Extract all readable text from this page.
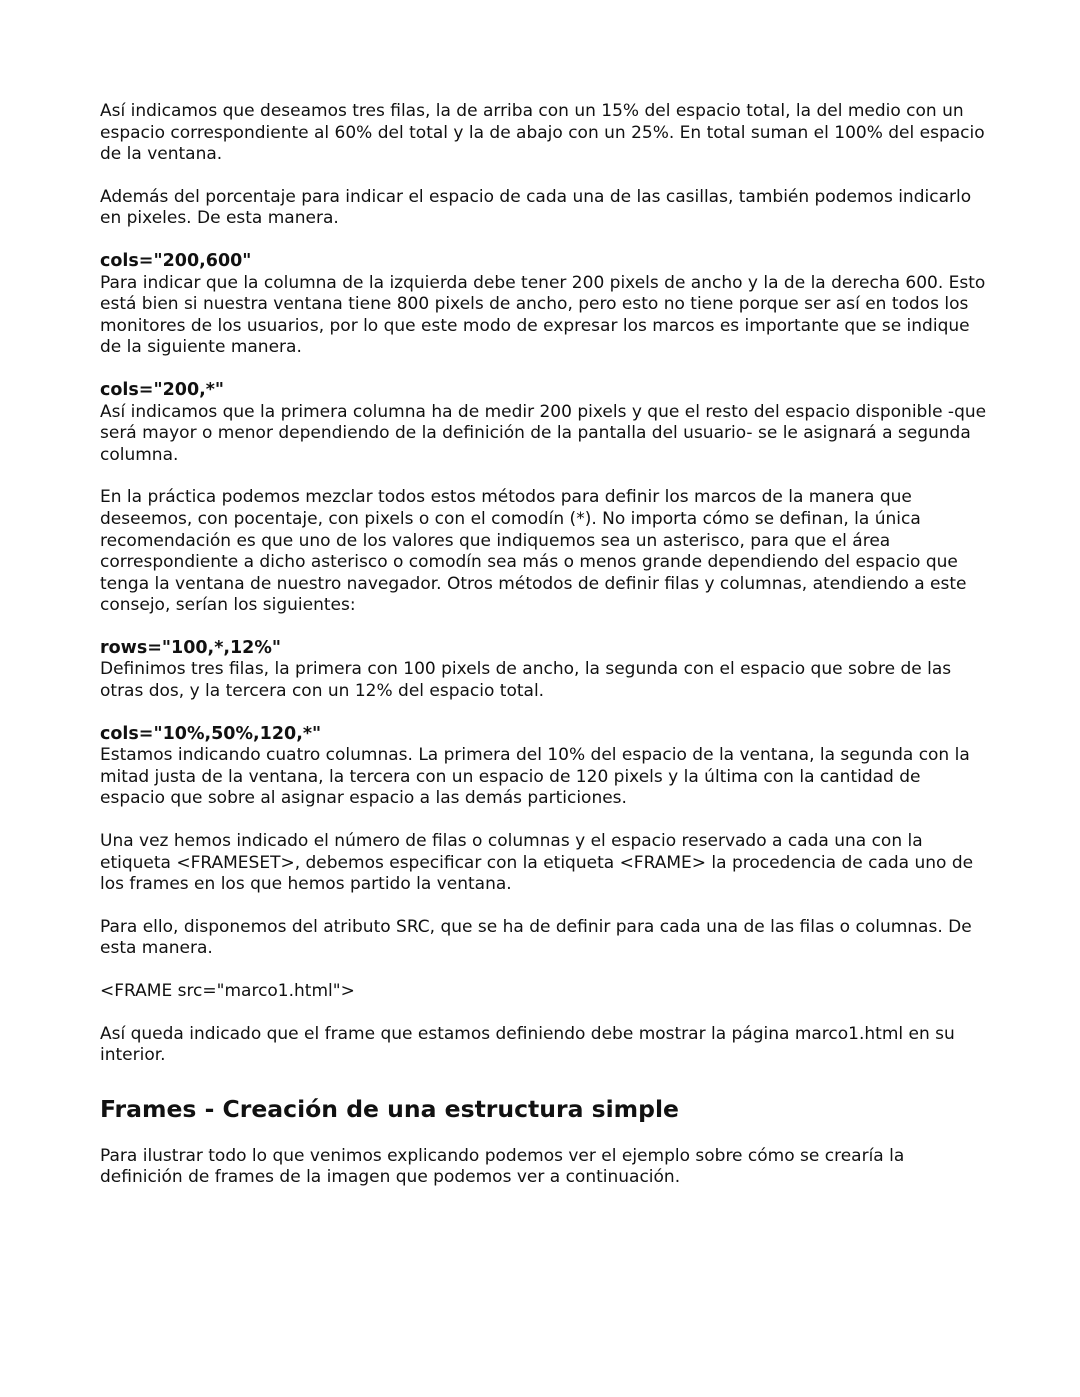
Así indicamos que deseamos tres filas, la de arriba con un 15% del espacio total, la del medio con un espacio correspondiente al 60% del total y la de abajo con un 25%. En total suman el 100% del espacio de la ventana.

Además del porcentaje para indicar el espacio de cada una de las casillas, también podemos indicarlo en pixeles. De esta manera.

cols="200,600"

Para indicar que la columna de la izquierda debe tener 200 pixels de ancho y la de la derecha 600. Esto está bien si nuestra ventana tiene 800 pixels de ancho, pero esto no tiene porque ser así en todos los monitores de los usuarios, por lo que este modo de expresar los marcos es importante que se indique de la siguiente manera.

cols="200,*"

Así indicamos que la primera columna ha de medir 200 pixels y que el resto del espacio disponible -que será mayor o menor dependiendo de la definición de la pantalla del usuario- se le asignará a segunda columna.

En la práctica podemos mezclar todos estos métodos para definir los marcos de la manera que deseemos, con pocentaje, con pixels o con el comodín (*). No importa cómo se definan, la única recomendación es que uno de los valores que indiquemos sea un asterisco, para que el área correspondiente a dicho asterisco o comodín sea más o menos grande dependiendo del espacio que tenga la ventana de nuestro navegador. Otros métodos de definir filas y columnas, atendiendo a este consejo, serían los siguientes:

rows="100,*,12%"

Definimos tres filas, la primera con 100 pixels de ancho, la segunda con el espacio que sobre de las otras dos, y la tercera con un 12% del espacio total.

cols="10%,50%,120,*"

Estamos indicando cuatro columnas. La primera del 10% del espacio de la ventana, la segunda con la mitad justa de la ventana, la tercera con un espacio de 120 pixels y la última con la cantidad de espacio que sobre al asignar espacio a las demás particiones.

Una vez hemos indicado el número de filas o columnas y el espacio reservado a cada una con la etiqueta <FRAMESET>, debemos especificar con la etiqueta <FRAME> la procedencia de cada uno de los frames en los que hemos partido la ventana.

Para ello, disponemos del atributo SRC, que se ha de definir para cada una de las filas o columnas. De esta manera.

<FRAME src="marco1.html">

Así queda indicado que el frame que estamos definiendo debe mostrar la página marco1.html en su interior.

Frames - Creación de una estructura simple

Para ilustrar todo lo que venimos explicando podemos ver el ejemplo sobre cómo se crearía la definición de frames de la imagen que podemos ver a continuación.
